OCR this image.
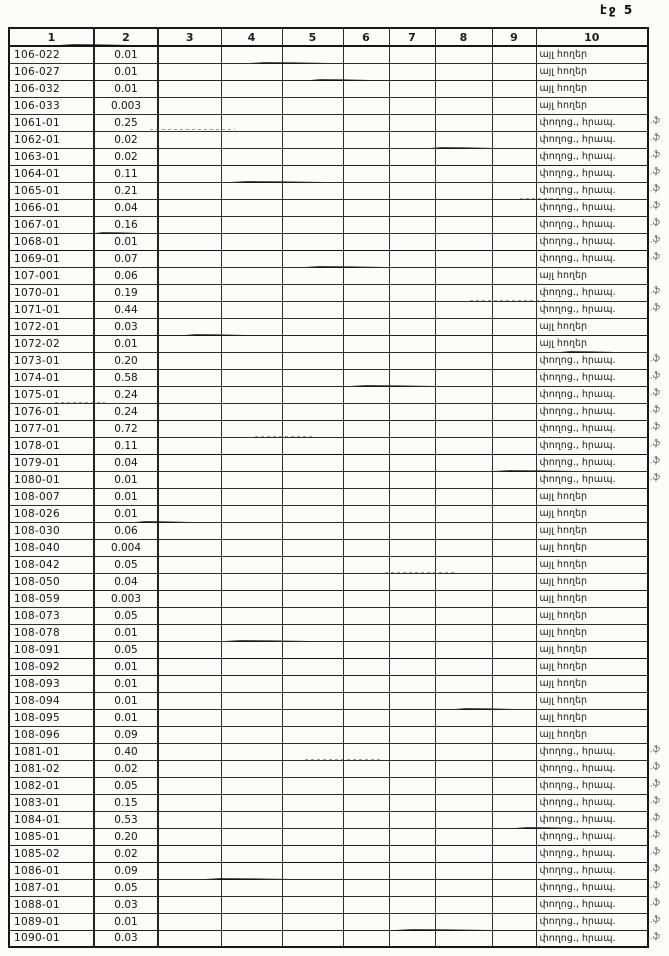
էջ 5
1	2	3	4	5	6	7	8	9	10
106-022	0.01								այլ հողեր
106-027	0.01								այլ հողեր
106-032	0.01								այլ հողեր
106-033	0.003								այլ հողեր
1061-01	0.25								փողոց., հրապ.
1062-01	0.02								փողոց., հրապ.
1063-01	0.02								փողոց., հրապ.
1064-01	0.11								փողոց., հրապ.
1065-01	0.21								փողոց., հրապ.
1066-01	0.04								փողոց., հրապ.
1067-01	0.16								փողոց., հրապ.
1068-01	0.01								փողոց., հրապ.
1069-01	0.07								փողոց., հրապ.
107-001	0.06								այլ հողեր
1070-01	0.19								փողոց., հրապ.
1071-01	0.44								փողոց., հրապ.
1072-01	0.03								այլ հողեր
1072-02	0.01								այլ հողեր
1073-01	0.20								փողոց., հրապ.
1074-01	0.58								փողոց., հրապ.
1075-01	0.24								փողոց., հրապ.
1076-01	0.24								փողոց., հրապ.
1077-01	0.72								փողոց., հրապ.
1078-01	0.11								փողոց., հրապ.
1079-01	0.04								փողոց., հրապ.
1080-01	0.01								փողոց., հրապ.
108-007	0.01								այլ հողեր
108-026	0.01								այլ հողեր
108-030	0.06								այլ հողեր
108-040	0.004								այլ հողեր
108-042	0.05								այլ հողեր
108-050	0.04								այլ հողեր
108-059	0.003								այլ հողեր
108-073	0.05								այլ հողեր
108-078	0.01								այլ հողեր
108-091	0.05								այլ հողեր
108-092	0.01								այլ հողեր
108-093	0.01								այլ հողեր
108-094	0.01								այլ հողեր
108-095	0.01								այլ հողեր
108-096	0.09								այլ հողեր
1081-01	0.40								փողոց., հրապ.
1081-02	0.02								փողոց., հրապ.
1082-01	0.05								փողոց., հրապ.
1083-01	0.15								փողոց., հրապ.
1084-01	0.53								փողոց., հրապ.
1085-01	0.20								փողոց., հրապ.
1085-02	0.02								փողոց., հրապ.
1086-01	0.09								փողոց., հրապ.
1087-01	0.05								փողոց., հրապ.
1088-01	0.03								փողոց., հրապ.
1089-01	0.01								փողոց., հրապ.
1090-01	0.03								փողոց., հրապ.
.ֆ
.ֆ
.ֆ
.ֆ
.ֆ
.ֆ
.ֆ
.ֆ
.ֆ
.ֆ
.ֆ
.ֆ
.ֆ
.ֆ
.ֆ
.ֆ
.ֆ
.ֆ
.ֆ
.ֆ
.ֆ
.ֆ
.ֆ
.ֆ
.ֆ
.ֆ
.ֆ
.ֆ
.ֆ
.ֆ
.ֆ
